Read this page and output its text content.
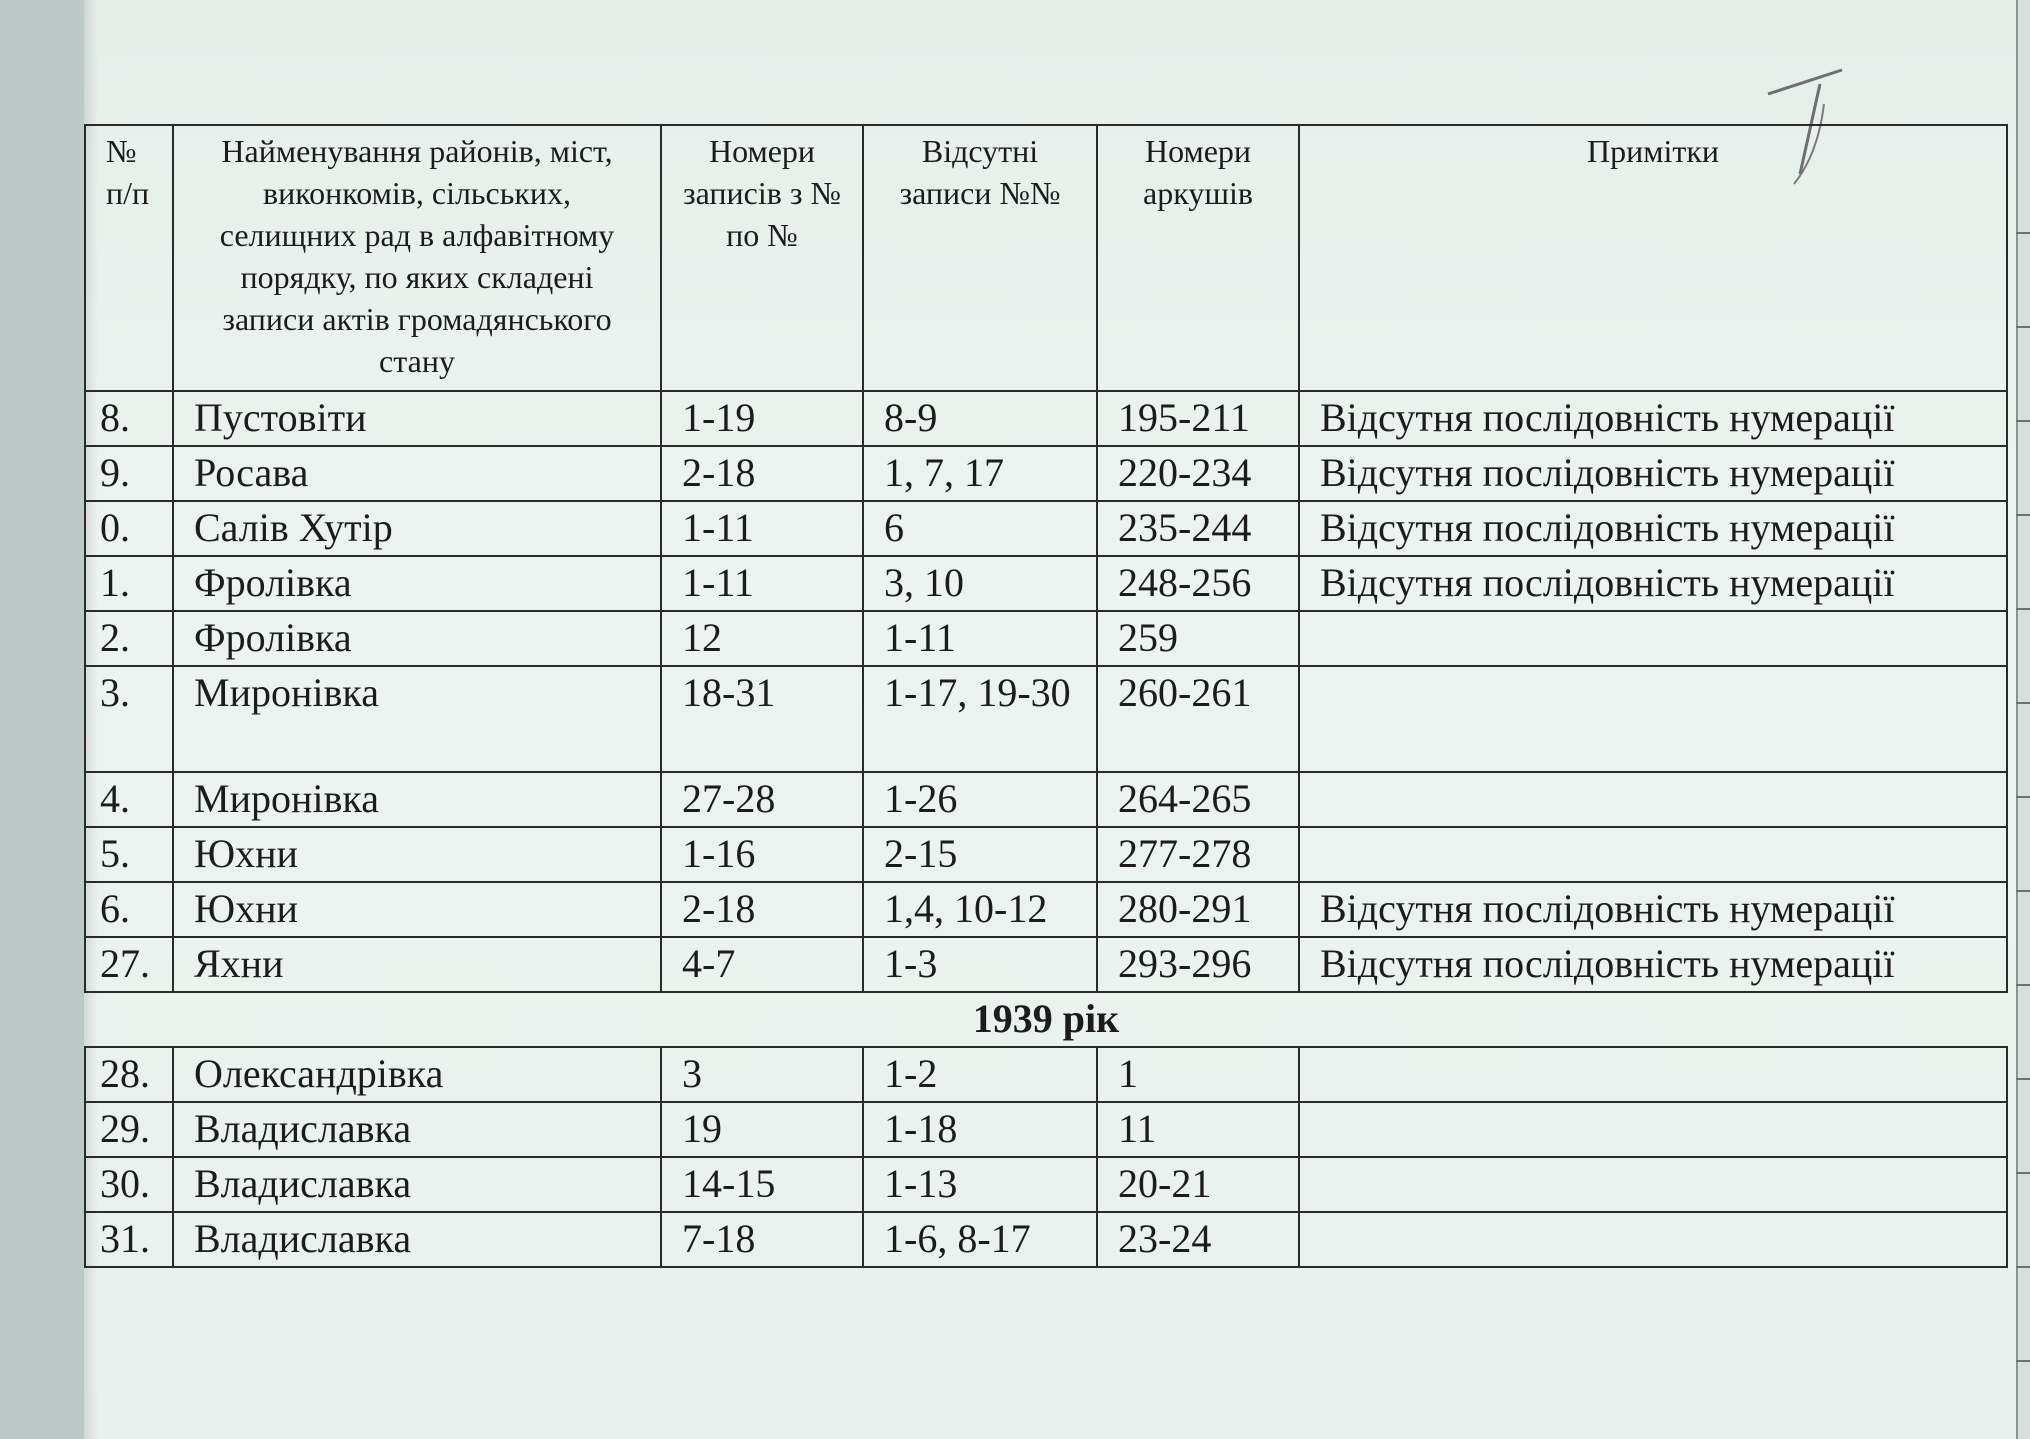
№ п/п	Найменування районів, міст, виконкомів, сільських, селищних рад в алфавітному порядку, по яких складені записи актів громадянського стану	Номери записів з № по №	Відсутні записи №№	Номери аркушів	Примітки
8.	Пустовіти	1-19	8-9	195-211	Відсутня послідовність нумерації
9.	Росава	2-18	1, 7, 17	220-234	Відсутня послідовність нумерації
0.	Салів Хутір	1-11	6	235-244	Відсутня послідовність нумерації
1.	Фролівка	1-11	3, 10	248-256	Відсутня послідовність нумерації
2.	Фролівка	12	1-11	259	
3.	Миронівка	18-31	1-17, 19-30	260-261	
4.	Миронівка	27-28	1-26	264-265	
5.	Юхни	1-16	2-15	277-278	
6.	Юхни	2-18	1,4, 10-12	280-291	Відсутня послідовність нумерації
27.	Яхни	4-7	1-3	293-296	Відсутня послідовність нумерації
1939 рік					
28.	Олександрівка	3	1-2	1	
29.	Владиславка	19	1-18	11	
30.	Владиславка	14-15	1-13	20-21	
31.	Владиславка	7-18	1-6, 8-17	23-24	
